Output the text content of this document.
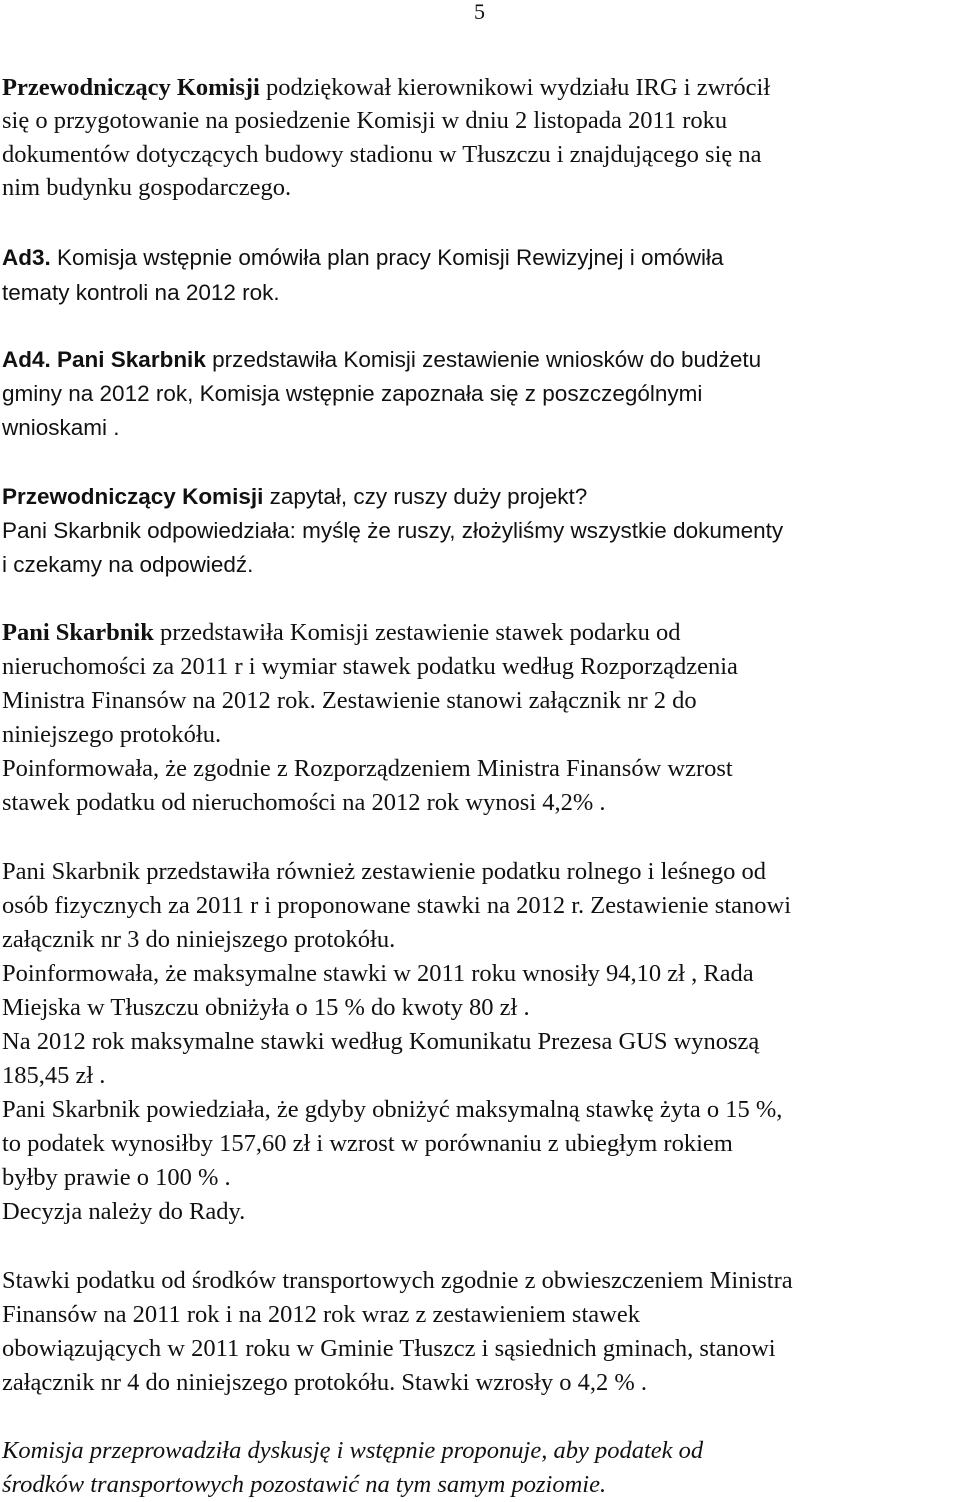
5
Przewodniczący Komisji podziękował kierownikowi wydziału IRG i zwrócił
się o przygotowanie na posiedzenie Komisji w dniu 2 listopada 2011 roku
dokumentów dotyczących budowy stadionu w Tłuszczu i znajdującego się na
nim budynku gospodarczego.
Ad3. Komisja wstępnie omówiła plan pracy Komisji Rewizyjnej i omówiła
tematy kontroli na 2012 rok.
Ad4. Pani Skarbnik przedstawiła Komisji zestawienie wniosków do budżetu
gminy na 2012 rok, Komisja wstępnie zapoznała się z poszczególnymi
wnioskami .
Przewodniczący Komisji zapytał, czy ruszy duży projekt?
Pani Skarbnik odpowiedziała: myślę że ruszy, złożyliśmy wszystkie dokumenty
i czekamy na odpowiedź.
Pani Skarbnik przedstawiła Komisji zestawienie stawek podarku od
nieruchomości za 2011 r i wymiar stawek podatku według Rozporządzenia
Ministra Finansów na 2012 rok. Zestawienie stanowi załącznik nr 2 do
niniejszego protokółu.
Poinformowała, że zgodnie z Rozporządzeniem Ministra Finansów wzrost
stawek podatku od nieruchomości na 2012 rok wynosi 4,2% .
Pani Skarbnik przedstawiła również zestawienie podatku rolnego i leśnego od
osób fizycznych za 2011 r i proponowane stawki na 2012 r. Zestawienie stanowi
załącznik nr 3 do niniejszego protokółu.
Poinformowała, że maksymalne stawki w 2011 roku wnosiły 94,10 zł , Rada
Miejska w Tłuszczu obniżyła o 15 % do kwoty 80 zł .
Na 2012 rok maksymalne stawki według Komunikatu Prezesa GUS wynoszą
185,45 zł .
Pani Skarbnik powiedziała, że gdyby obniżyć maksymalną stawkę żyta o 15 %,
to podatek wynosiłby 157,60 zł i wzrost w porównaniu z ubiegłym rokiem
byłby prawie o 100 % .
Decyzja należy do Rady.
Stawki podatku od środków transportowych zgodnie z obwieszczeniem Ministra
Finansów na 2011 rok i na 2012 rok wraz z zestawieniem stawek
obowiązujących w 2011 roku w Gminie Tłuszcz i sąsiednich gminach, stanowi
załącznik nr 4 do niniejszego protokółu. Stawki wzrosły o 4,2 % .
Komisja przeprowadziła dyskusję i wstępnie proponuje, aby podatek od
środków transportowych pozostawić na tym samym poziomie.
